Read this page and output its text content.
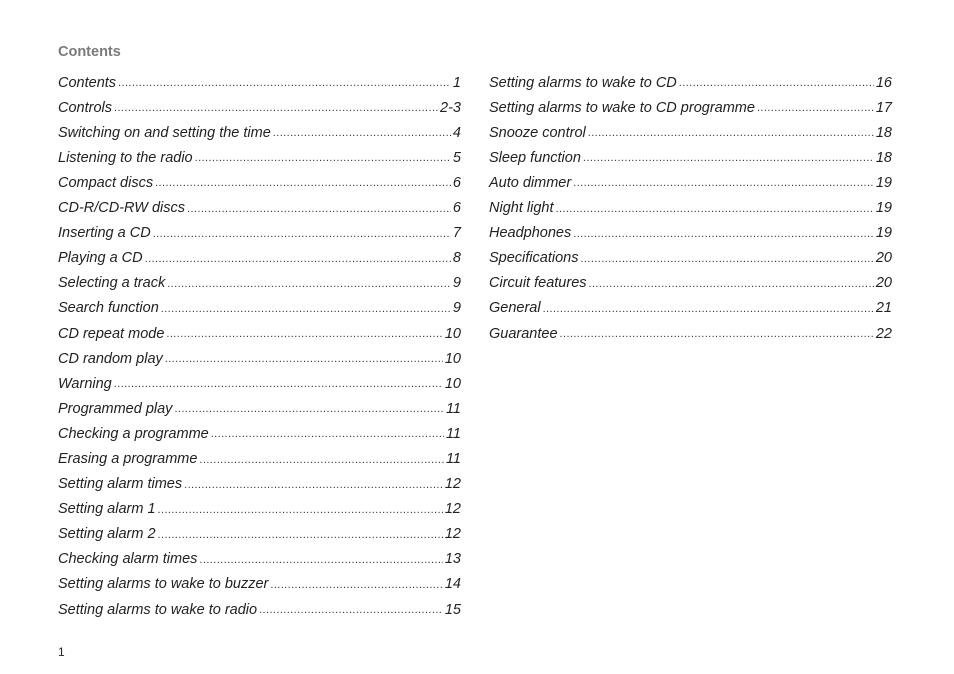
Contents
Contents .....	1
Controls .....	2-3
Switching on and setting the time .....	4
Listening to the radio .....	5
Compact discs .....	6
CD-R/CD-RW discs .....	6
Inserting a CD .....	7
Playing a CD .....	8
Selecting a track .....	9
Search function .....	9
CD repeat mode .....	10
CD random play .....	10
Warning .....	10
Programmed play .....	11
Checking a programme .....	11
Erasing a programme .....	11
Setting alarm times .....	12
Setting alarm 1 .....	12
Setting alarm 2 .....	12
Checking alarm times .....	13
Setting alarms to wake to buzzer .....	14
Setting alarms to wake to radio .....	15
Setting alarms to wake to CD .....	16
Setting alarms to wake to CD programme .....	17
Snooze control .....	18
Sleep function .....	18
Auto dimmer .....	19
Night light .....	19
Headphones .....	19
Specifications .....	20
Circuit features .....	20
General .....	21
Guarantee .....	22
1
